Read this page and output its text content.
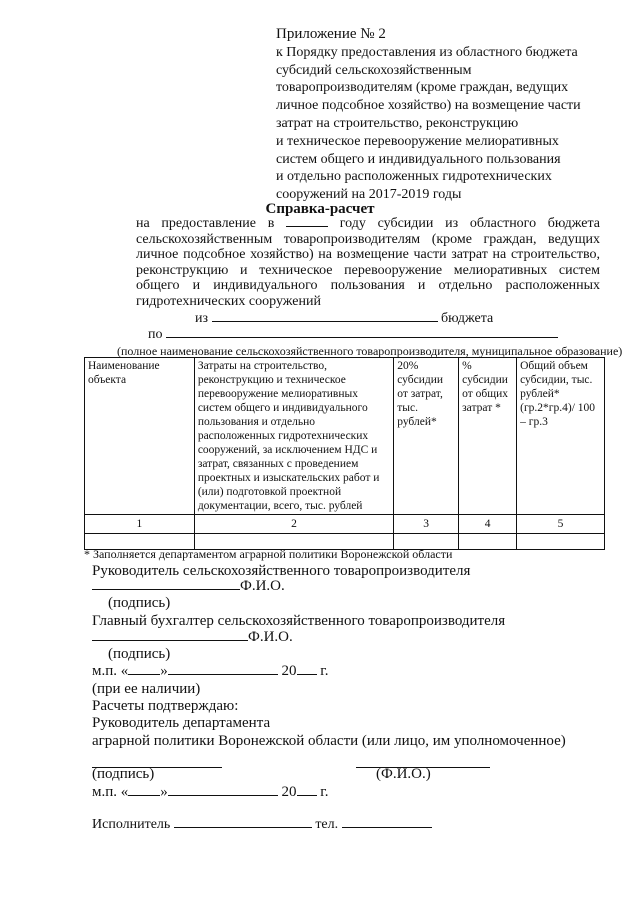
Приложение № 2
к Порядку предоставления из областного бюджета
субсидий сельскохозяйственным
товаропроизводителям (кроме граждан, ведущих
личное подсобное хозяйство) на возмещение части
затрат на строительство, реконструкцию
и техническое перевооружение мелиоративных
систем общего и индивидуального пользования
и отдельно расположенных гидротехнических
сооружений на 2017-2019 годы
Справка-расчет
на предоставление в	году субсидии из областного бюджета
сельскохозяйственным товаропроизводителям (кроме граждан, ведущих
личное подсобное хозяйство) на возмещение части затрат на строительство,
реконструкцию и техническое перевооружение мелиоративных систем
общего и индивидуального пользования и отдельно расположенных
гидротехнических сооружений
из	бюджета
по
(полное наименование сельскохозяйственного товаропроизводителя, муниципальное образование)
Наименование объекта	Затраты на строительство, реконструкцию и техническое перевооружение мелиоративных систем общего и индивидуального пользования и отдельно расположенных гидротехнических сооружений, за исключением НДС и затрат, связанных с проведением проектных и изыскательских работ и (или) подготовкой проектной документации, всего, тыс. рублей	20% субсидии от затрат, тыс. рублей*	% субсидии от общих затрат *	Общий объем субсидии, тыс. рублей* (гр.2*гр.4)/ 100 – гр.3
1	2	3	4	5

* Заполняется департаментом аграрной политики Воронежской области
Руководитель сельскохозяйственного товаропроизводителя
Ф.И.О.
(подпись)
Главный бухгалтер сельскохозяйственного товаропроизводителя
Ф.И.О.
(подпись)
м.п. « »	20 г.
(при ее наличии)
Расчеты подтверждаю:
Руководитель департамента
аграрной политики Воронежской области (или лицо, им уполномоченное)
(подпись)	(Ф.И.О.)
м.п. « »	20 г.
Исполнитель	тел.
